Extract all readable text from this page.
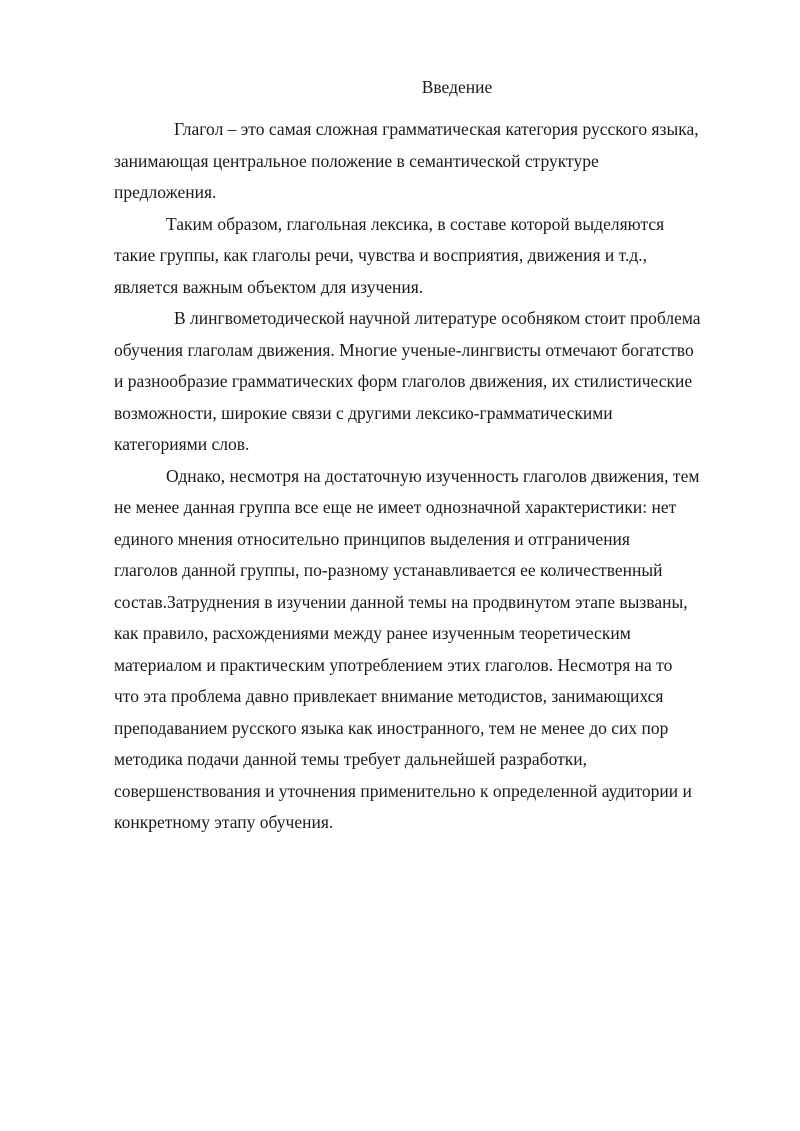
Введение

Глагол – это самая сложная грамматическая категория русского языка,
занимающая центральное положение в семантической структуре
предложения.

Таким образом, глагольная лексика, в составе которой выделяются
такие группы, как глаголы речи, чувства и восприятия, движения и т.д.,
является важным объектом для изучения.

В лингвометодической научной литературе особняком стоит проблема
обучения глаголам движения. Многие ученые-лингвисты отмечают богатство
и разнообразие грамматических форм глаголов движения, их стилистические
возможности, широкие связи с другими лексико-грамматическими
категориями слов.

Однако, несмотря на достаточную изученность глаголов движения, тем
не менее данная группа все еще не имеет однозначной характеристики: нет
единого мнения относительно принципов выделения и отграничения
глаголов данной группы, по-разному устанавливается ее количественный
состав.Затруднения в изучении данной темы на продвинутом этапе вызваны,
как правило, расхождениями между ранее изученным теоретическим
материалом и практическим употреблением этих глаголов. Несмотря на то
что эта проблема давно привлекает внимание методистов, занимающихся
преподаванием русского языка как иностранного, тем не менее до сих пор
методика подачи данной темы требует дальнейшей разработки,
совершенствования и уточнения применительно к определенной аудитории и
конкретному этапу обучения.
